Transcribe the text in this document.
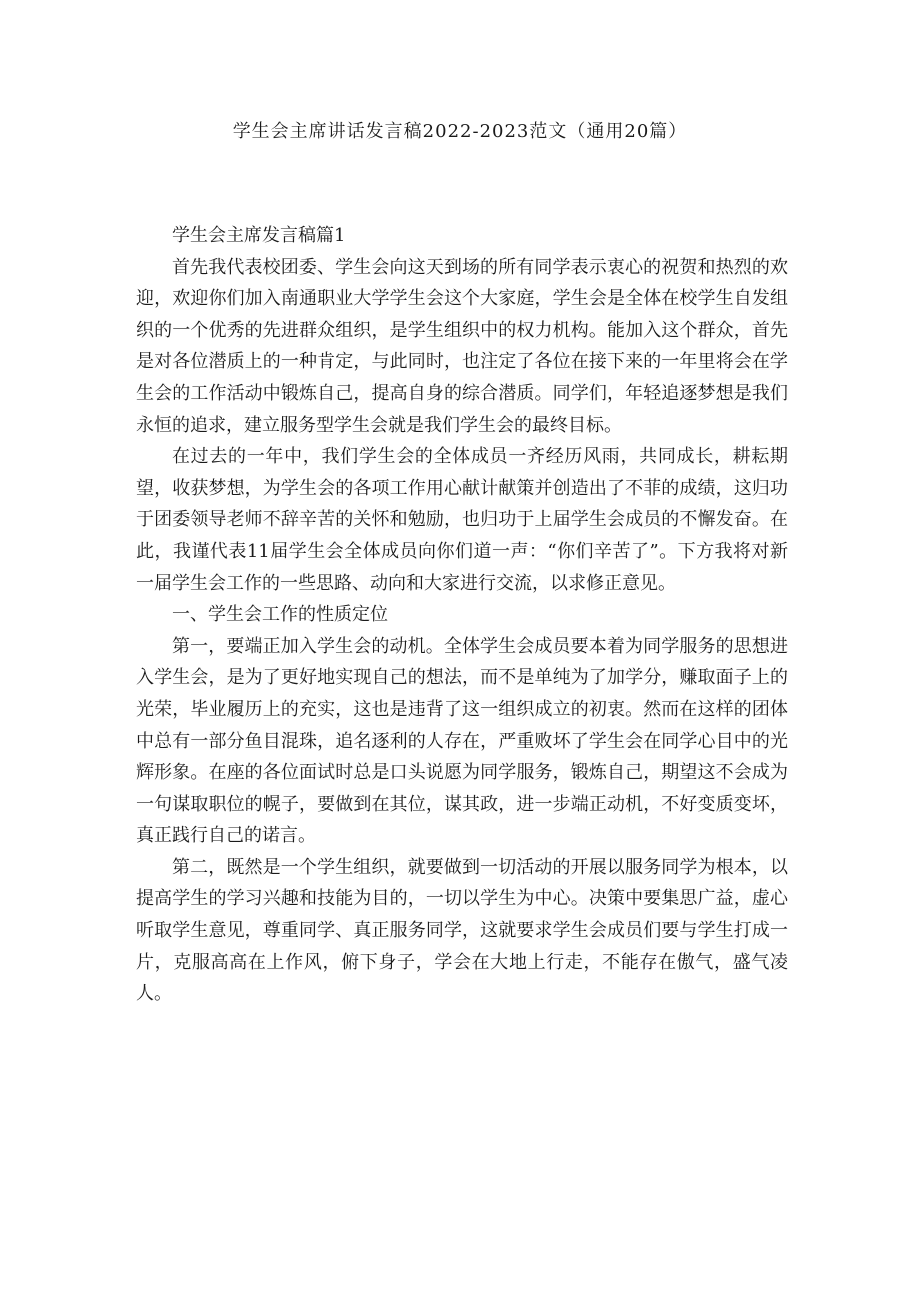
学生会主席讲话发言稿2022-2023范文（通用20篇）

学生会主席发言稿篇1

首先我代表校团委、学生会向这天到场的所有同学表示衷心的祝贺和热烈的欢迎，欢迎你们加入南通职业大学学生会这个大家庭，学生会是全体在校学生自发组织的一个优秀的先进群众组织，是学生组织中的权力机构。能加入这个群众，首先是对各位潜质上的一种肯定，与此同时，也注定了各位在接下来的一年里将会在学生会的工作活动中锻炼自己，提高自身的综合潜质。同学们，年轻追逐梦想是我们永恒的追求，建立服务型学生会就是我们学生会的最终目标。

在过去的一年中，我们学生会的全体成员一齐经历风雨，共同成长，耕耘期望，收获梦想，为学生会的各项工作用心献计献策并创造出了不菲的成绩，这归功于团委领导老师不辞辛苦的关怀和勉励，也归功于上届学生会成员的不懈发奋。在此，我谨代表11届学生会全体成员向你们道一声：“你们辛苦了”。下方我将对新一届学生会工作的一些思路、动向和大家进行交流，以求修正意见。

一、学生会工作的性质定位

第一，要端正加入学生会的动机。全体学生会成员要本着为同学服务的思想进入学生会，是为了更好地实现自己的想法，而不是单纯为了加学分，赚取面子上的光荣，毕业履历上的充实，这也是违背了这一组织成立的初衷。然而在这样的团体中总有一部分鱼目混珠，追名逐利的人存在，严重败坏了学生会在同学心目中的光辉形象。在座的各位面试时总是口头说愿为同学服务，锻炼自己，期望这不会成为一句谋取职位的幌子，要做到在其位，谋其政，进一步端正动机，不好变质变坏，真正践行自己的诺言。

第二，既然是一个学生组织，就要做到一切活动的开展以服务同学为根本，以提高学生的学习兴趣和技能为目的，一切以学生为中心。决策中要集思广益，虚心听取学生意见，尊重同学、真正服务同学，这就要求学生会成员们要与学生打成一片，克服高高在上作风，俯下身子，学会在大地上行走，不能存在傲气，盛气凌人。
